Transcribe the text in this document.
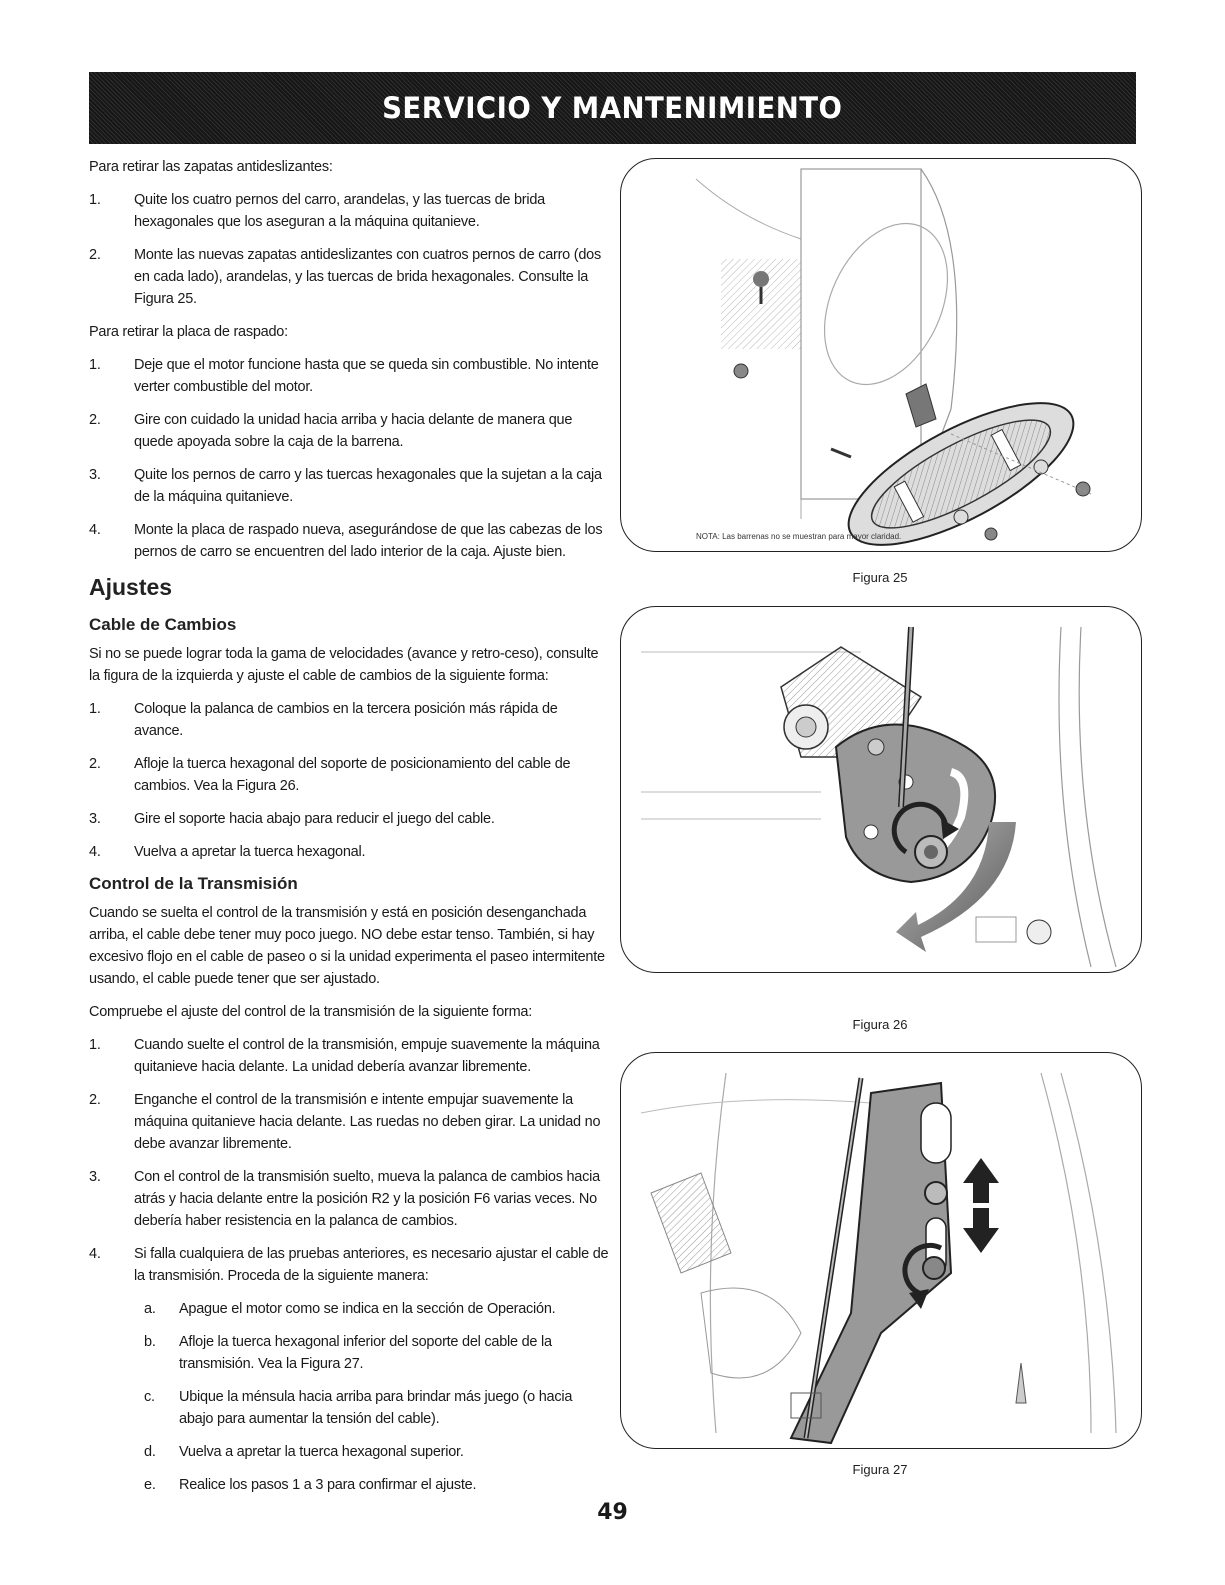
SERVICIO Y MANTENIMIENTO

Para retirar las zapatas antideslizantes:

1. Quite los cuatro pernos del carro, arandelas, y las tuercas de brida hexagonales que los aseguran a la máquina quitanieve.
2. Monte las nuevas zapatas antideslizantes con cuatros pernos de carro (dos en cada lado), arandelas, y las tuercas de brida hexagonales. Consulte la Figura 25.

Para retirar la placa de raspado:

1. Deje que el motor funcione hasta que se queda sin combustible. No intente verter combustible del motor.
2. Gire con cuidado la unidad hacia arriba y hacia delante de manera que quede apoyada sobre la caja de la barrena.
3. Quite los pernos de carro y las tuercas hexagonales que la sujetan a la caja de la máquina quitanieve.
4. Monte la placa de raspado nueva, asegurándose de que las cabezas de los pernos de carro se encuentren del lado interior de la caja. Ajuste bien.
Ajustes
Cable de Cambios

Si no se puede lograr toda la gama de velocidades (avance y retro-ceso), consulte la figura de la izquierda y ajuste el cable de cambios de la siguiente forma:

1. Coloque la palanca de cambios en la tercera posición más rápida de avance.
2. Afloje la tuerca hexagonal del soporte de posicionamiento del cable de cambios. Vea la Figura 26.
3. Gire el soporte hacia abajo para reducir el juego del cable.
4. Vuelva a apretar la tuerca hexagonal.
Control de la Transmisión

Cuando se suelta el control de la transmisión y está en posición desenganchada arriba, el cable debe tener muy poco juego. NO debe estar tenso. También, si hay excesivo flojo en el cable de paseo o si la unidad experimenta el paseo intermitente usando, el cable puede tener que ser ajustado.

Compruebe el ajuste del control de la transmisión de la siguiente forma:

1. Cuando suelte el control de la transmisión, empuje suavemente la máquina quitanieve hacia delante. La unidad debería avanzar libremente.
2. Enganche el control de la transmisión e intente empujar suavemente la máquina quitanieve hacia delante. Las ruedas no deben girar. La unidad no debe avanzar libremente.
3. Con el control de la transmisión suelto, mueva la palanca de cambios hacia atrás y hacia delante entre la posición R2 y la posición F6 varias veces. No debería haber resistencia en la palanca de cambios.
4. Si falla cualquiera de las pruebas anteriores, es necesario ajustar el cable de la transmisión. Proceda de la siguiente manera:
a. Apague el motor como se indica en la sección de Operación.
b. Afloje la tuerca hexagonal inferior del soporte del cable de la transmisión. Vea la Figura 27.
c. Ubique la ménsula hacia arriba para brindar más juego (o hacia abajo para aumentar la tensión del cable).
d. Vuelva a apretar la tuerca hexagonal superior.
e. Realice los pasos 1 a 3 para confirmar el ajuste.
NOTA: Las barrenas no se muestran para mayor claridad.
Figura 25
Figura 26
Figura 27
49
